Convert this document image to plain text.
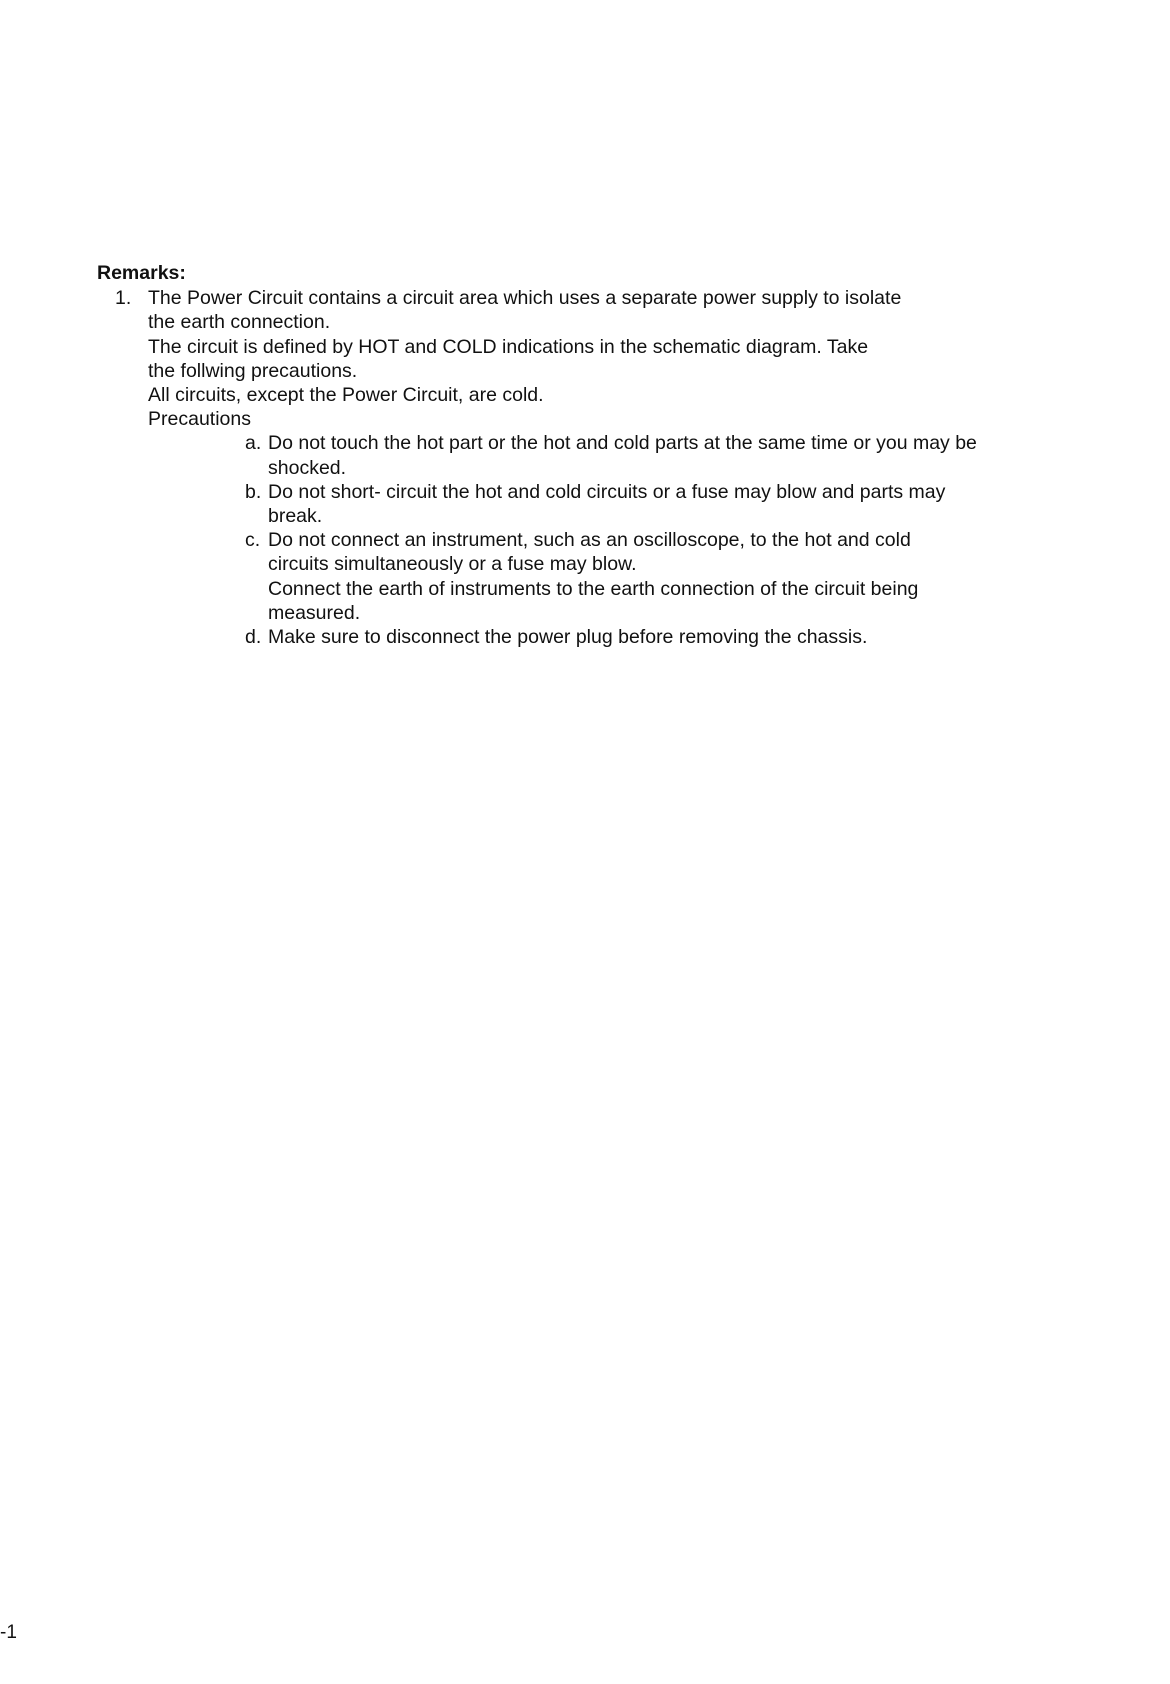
Remarks:
1. The Power Circuit contains a circuit area which uses a separate power supply to isolate the earth connection.

The circuit is defined by HOT and COLD indications in the schematic diagram. Take the follwing precautions.

All circuits, except the Power Circuit, are cold.

Precautions

a. Do not touch the hot part or the hot and cold parts at the same time or you may be shocked.

b. Do not short- circuit the hot and cold circuits or a fuse may blow and parts may break.

c. Do not connect an instrument, such as an oscilloscope, to the hot and cold circuits simultaneously or a fuse may blow.

Connect the earth of instruments to the earth connection of the circuit being measured.

d. Make sure to disconnect the power plug before removing the chassis.

-1
